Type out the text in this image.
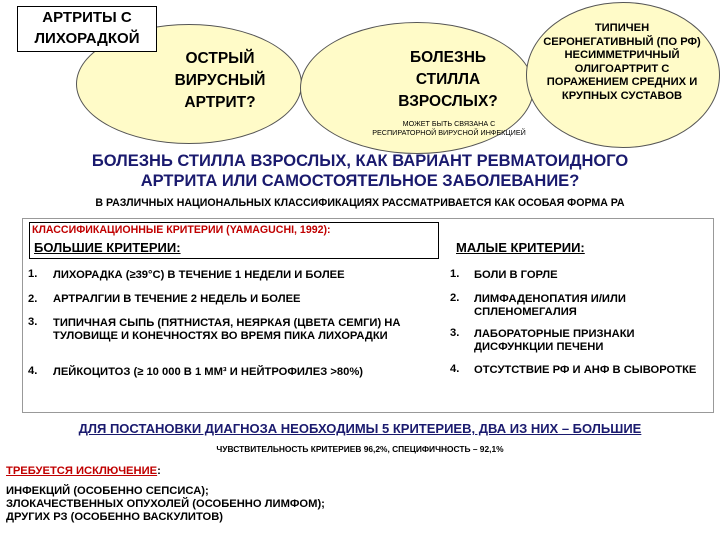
АРТРИТЫ С ЛИХОРАДКОЙ
ОСТРЫЙ ВИРУСНЫЙ АРТРИТ?
БОЛЕЗНЬ СТИЛЛА ВЗРОСЛЫХ?
МОЖЕТ БЫТЬ СВЯЗАНА С РЕСПИРАТОРНОЙ ВИРУСНОЙ ИНФЕКЦИЕЙ
ТИПИЧЕН СЕРОНЕГАТИВНЫЙ (ПО РФ) НЕСИММЕТРИЧНЫЙ ОЛИГОАРТРИТ С ПОРАЖЕНИЕМ СРЕДНИХ И КРУПНЫХ СУСТАВОВ
БОЛЕЗНЬ СТИЛЛА ВЗРОСЛЫХ, КАК ВАРИАНТ РЕВМАТОИДНОГО
АРТРИТА ИЛИ САМОСТОЯТЕЛЬНОЕ ЗАБОЛЕВАНИЕ?
В РАЗЛИЧНЫХ НАЦИОНАЛЬНЫХ КЛАССИФИКАЦИЯХ РАССМАТРИВАЕТСЯ КАК ОСОБАЯ ФОРМА РА
КЛАССИФИКАЦИОННЫЕ КРИТЕРИИ (YAMAGUCHI, 1992):
БОЛЬШИЕ КРИТЕРИИ:	МАЛЫЕ КРИТЕРИИ:
1. ЛИХОРАДКА (≥39°С) В ТЕЧЕНИЕ 1 НЕДЕЛИ И БОЛЕЕ
2. АРТРАЛГИИ В ТЕЧЕНИЕ 2 НЕДЕЛЬ И БОЛЕЕ
3. ТИПИЧНАЯ СЫПЬ (ПЯТНИСТАЯ, НЕЯРКАЯ (ЦВЕТА СЕМГИ) НА ТУЛОВИЩЕ И КОНЕЧНОСТЯХ ВО ВРЕМЯ ПИКА ЛИХОРАДКИ
4. ЛЕЙКОЦИТОЗ (≥ 10 000 В 1 ММ³ И НЕЙТРОФИЛЕЗ >80%)
1. БОЛИ В ГОРЛЕ
2. ЛИМФАДЕНОПАТИЯ И/ИЛИ СПЛЕНОМЕГАЛИЯ
3. ЛАБОРАТОРНЫЕ ПРИЗНАКИ ДИСФУНКЦИИ ПЕЧЕНИ
4. ОТСУТСТВИЕ РФ И АНФ В СЫВОРОТКЕ
ДЛЯ ПОСТАНОВКИ ДИАГНОЗА НЕОБХОДИМЫ 5 КРИТЕРИЕВ, ДВА ИЗ НИХ – БОЛЬШИЕ
ЧУВСТВИТЕЛЬНОСТЬ КРИТЕРИЕВ 96,2%, СПЕЦИФИЧНОСТЬ – 92,1%
ТРЕБУЕТСЯ ИСКЛЮЧЕНИЕ:
ИНФЕКЦИЙ (ОСОБЕННО СЕПСИСА);
ЗЛОКАЧЕСТВЕННЫХ ОПУХОЛЕЙ (ОСОБЕННО ЛИМФОМ);
ДРУГИХ РЗ (ОСОБЕННО ВАСКУЛИТОВ)
